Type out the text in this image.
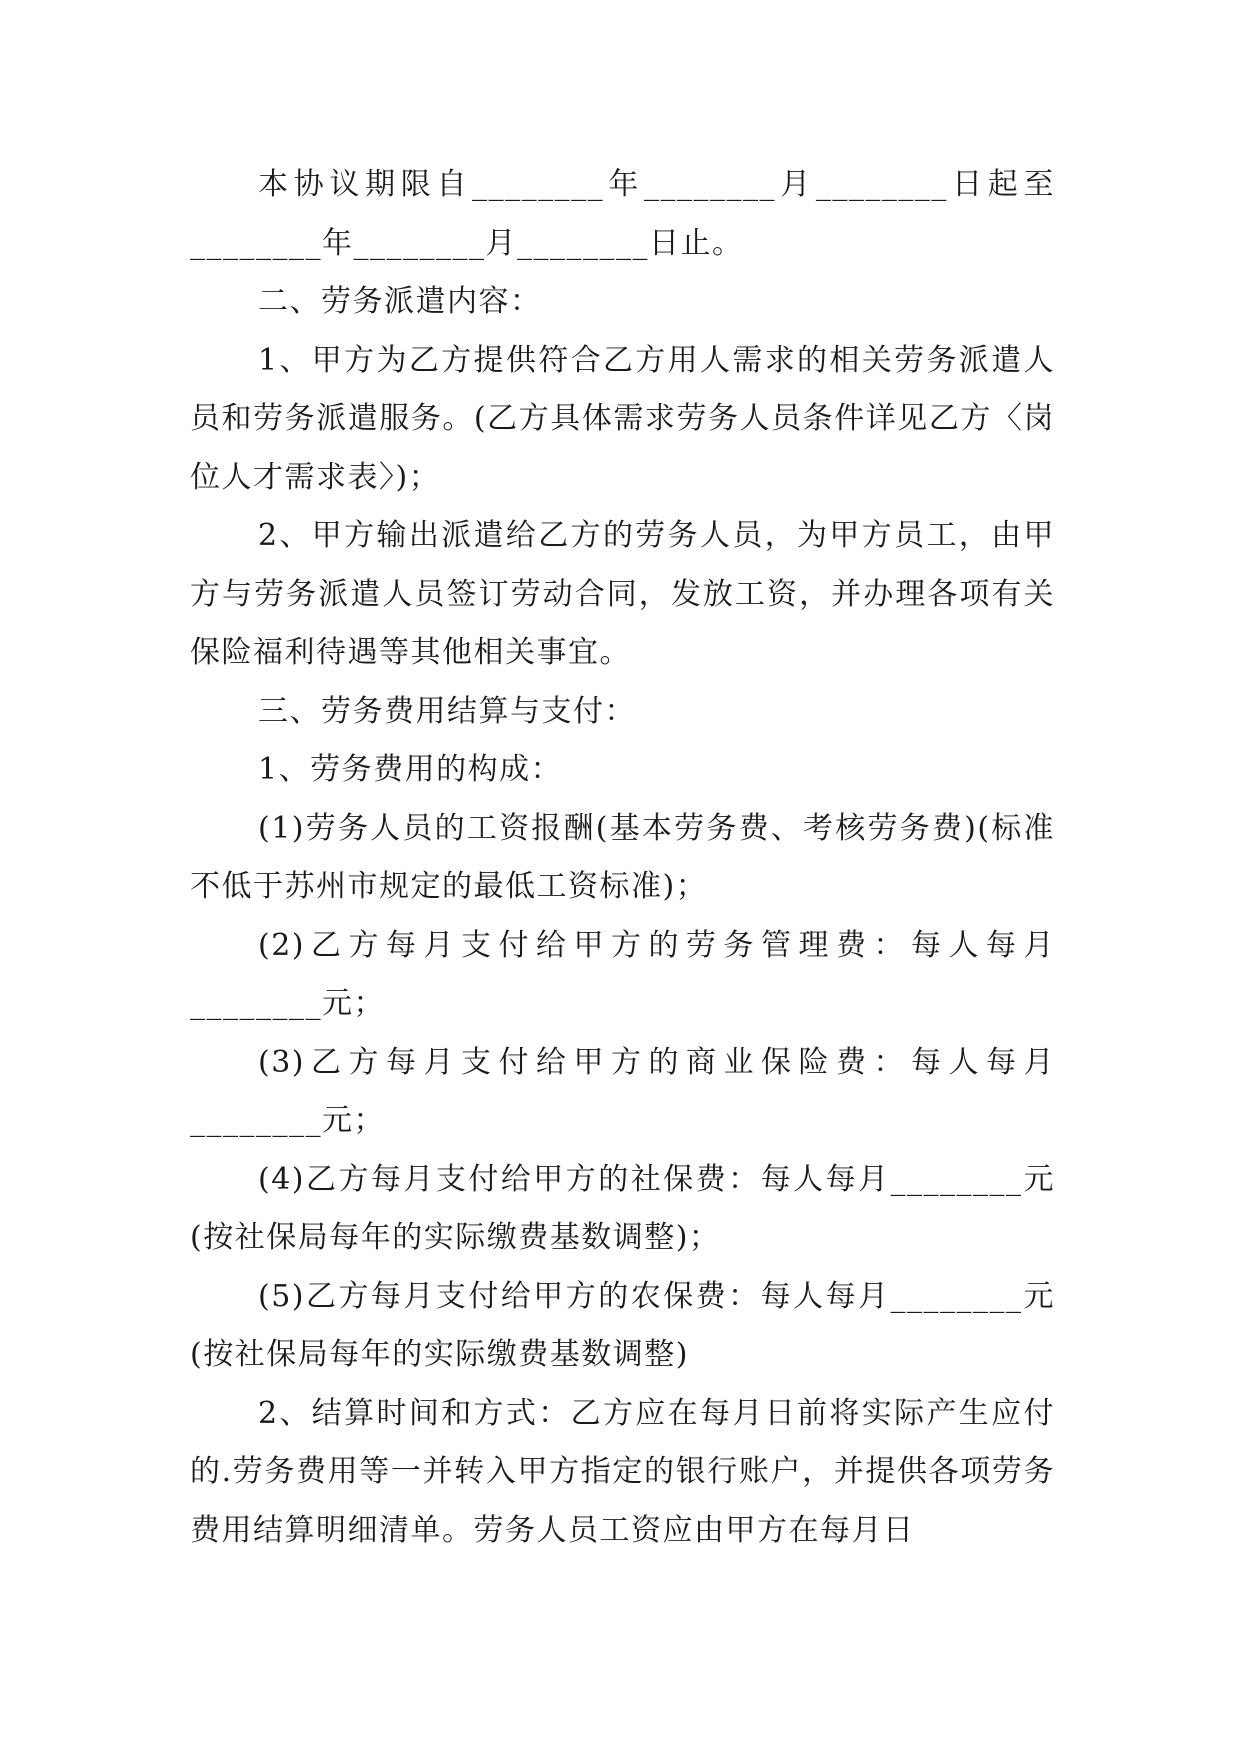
本协议期限自________年________月________日起至________年________月________日止。

二、劳务派遣内容：

1、甲方为乙方提供符合乙方用人需求的相关劳务派遣人员和劳务派遣服务。(乙方具体需求劳务人员条件详见乙方〈岗位人才需求表〉)；

2、甲方输出派遣给乙方的劳务人员，为甲方员工，由甲方与劳务派遣人员签订劳动合同，发放工资，并办理各项有关保险福利待遇等其他相关事宜。

三、劳务费用结算与支付：

1、劳务费用的构成：

(1)劳务人员的工资报酬(基本劳务费、考核劳务费)(标准不低于苏州市规定的最低工资标准)；

(2)乙方每月支付给甲方的劳务管理费：每人每月________元；

(3)乙方每月支付给甲方的商业保险费：每人每月________元；

(4)乙方每月支付给甲方的社保费：每人每月________元(按社保局每年的实际缴费基数调整)；

(5)乙方每月支付给甲方的农保费：每人每月________元(按社保局每年的实际缴费基数调整)

2、结算时间和方式：乙方应在每月日前将实际产生应付的.劳务费用等一并转入甲方指定的银行账户，并提供各项劳务费用结算明细清单。劳务人员工资应由甲方在每月日
